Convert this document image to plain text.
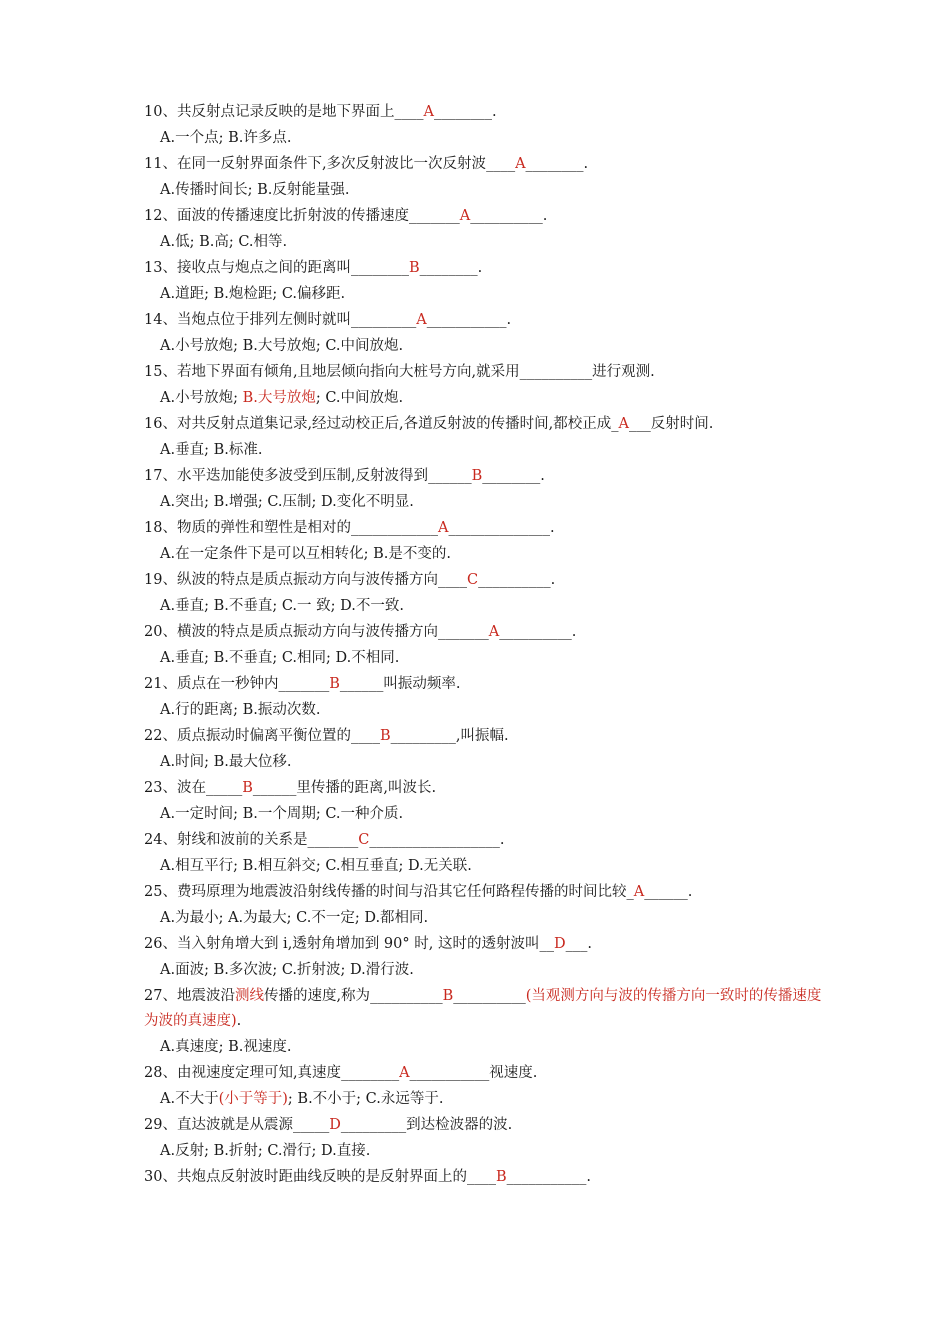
10、共反射点记录反映的是地下界面上____A________.
A.一个点; B.许多点.
11、在同一反射界面条件下,多次反射波比一次反射波____A________.
A.传播时间长; B.反射能量强.
12、面波的传播速度比折射波的传播速度_______A__________.
A.低; B.高; C.相等.
13、接收点与炮点之间的距离叫________B________.
A.道距; B.炮检距; C.偏移距.
14、当炮点位于排列左侧时就叫_________A___________.
A.小号放炮; B.大号放炮; C.中间放炮.
15、若地下界面有倾角,且地层倾向指向大桩号方向,就采用__________进行观测.
A.小号放炮; B.大号放炮; C.中间放炮.
16、对共反射点道集记录,经过动校正后,各道反射波的传播时间,都校正成_A___反射时间.
A.垂直; B.标准.
17、水平迭加能使多波受到压制,反射波得到______B________.
A.突出; B.增强; C.压制; D.变化不明显.
18、物质的弹性和塑性是相对的____________A______________.
A.在一定条件下是可以互相转化; B.是不变的.
19、纵波的特点是质点振动方向与波传播方向____C__________.
A.垂直; B.不垂直; C.一 致; D.不一致.
20、横波的特点是质点振动方向与波传播方向_______A__________.
A.垂直; B.不垂直; C.相同; D.不相同.
21、质点在一秒钟内_______B______叫振动频率.
A.行的距离; B.振动次数.
22、质点振动时偏离平衡位置的____B_________,叫振幅.
A.时间; B.最大位移.
23、波在_____B______里传播的距离,叫波长.
A.一定时间; B.一个周期; C.一种介质.
24、射线和波前的关系是_______C__________________.
A.相互平行; B.相互斜交; C.相互垂直; D.无关联.
25、费玛原理为地震波沿射线传播的时间与沿其它任何路程传播的时间比较_A______.
A.为最小; A.为最大; C.不一定; D.都相同.
26、当入射角增大到 i,透射角增加到 90° 时, 这时的透射波叫__D___.
A.面波; B.多次波; C.折射波; D.滑行波.
27、地震波沿测线传播的速度,称为__________B__________(当观测方向与波的传播方向一致时的传播速度为波的真速度).
A.真速度; B.视速度.
28、由视速度定理可知,真速度________A___________视速度.
A.不大于(小于等于); B.不小于; C.永远等于.
29、直达波就是从震源_____D_________到达检波器的波.
A.反射; B.折射; C.滑行; D.直接.
30、共炮点反射波时距曲线反映的是反射界面上的____B___________.
